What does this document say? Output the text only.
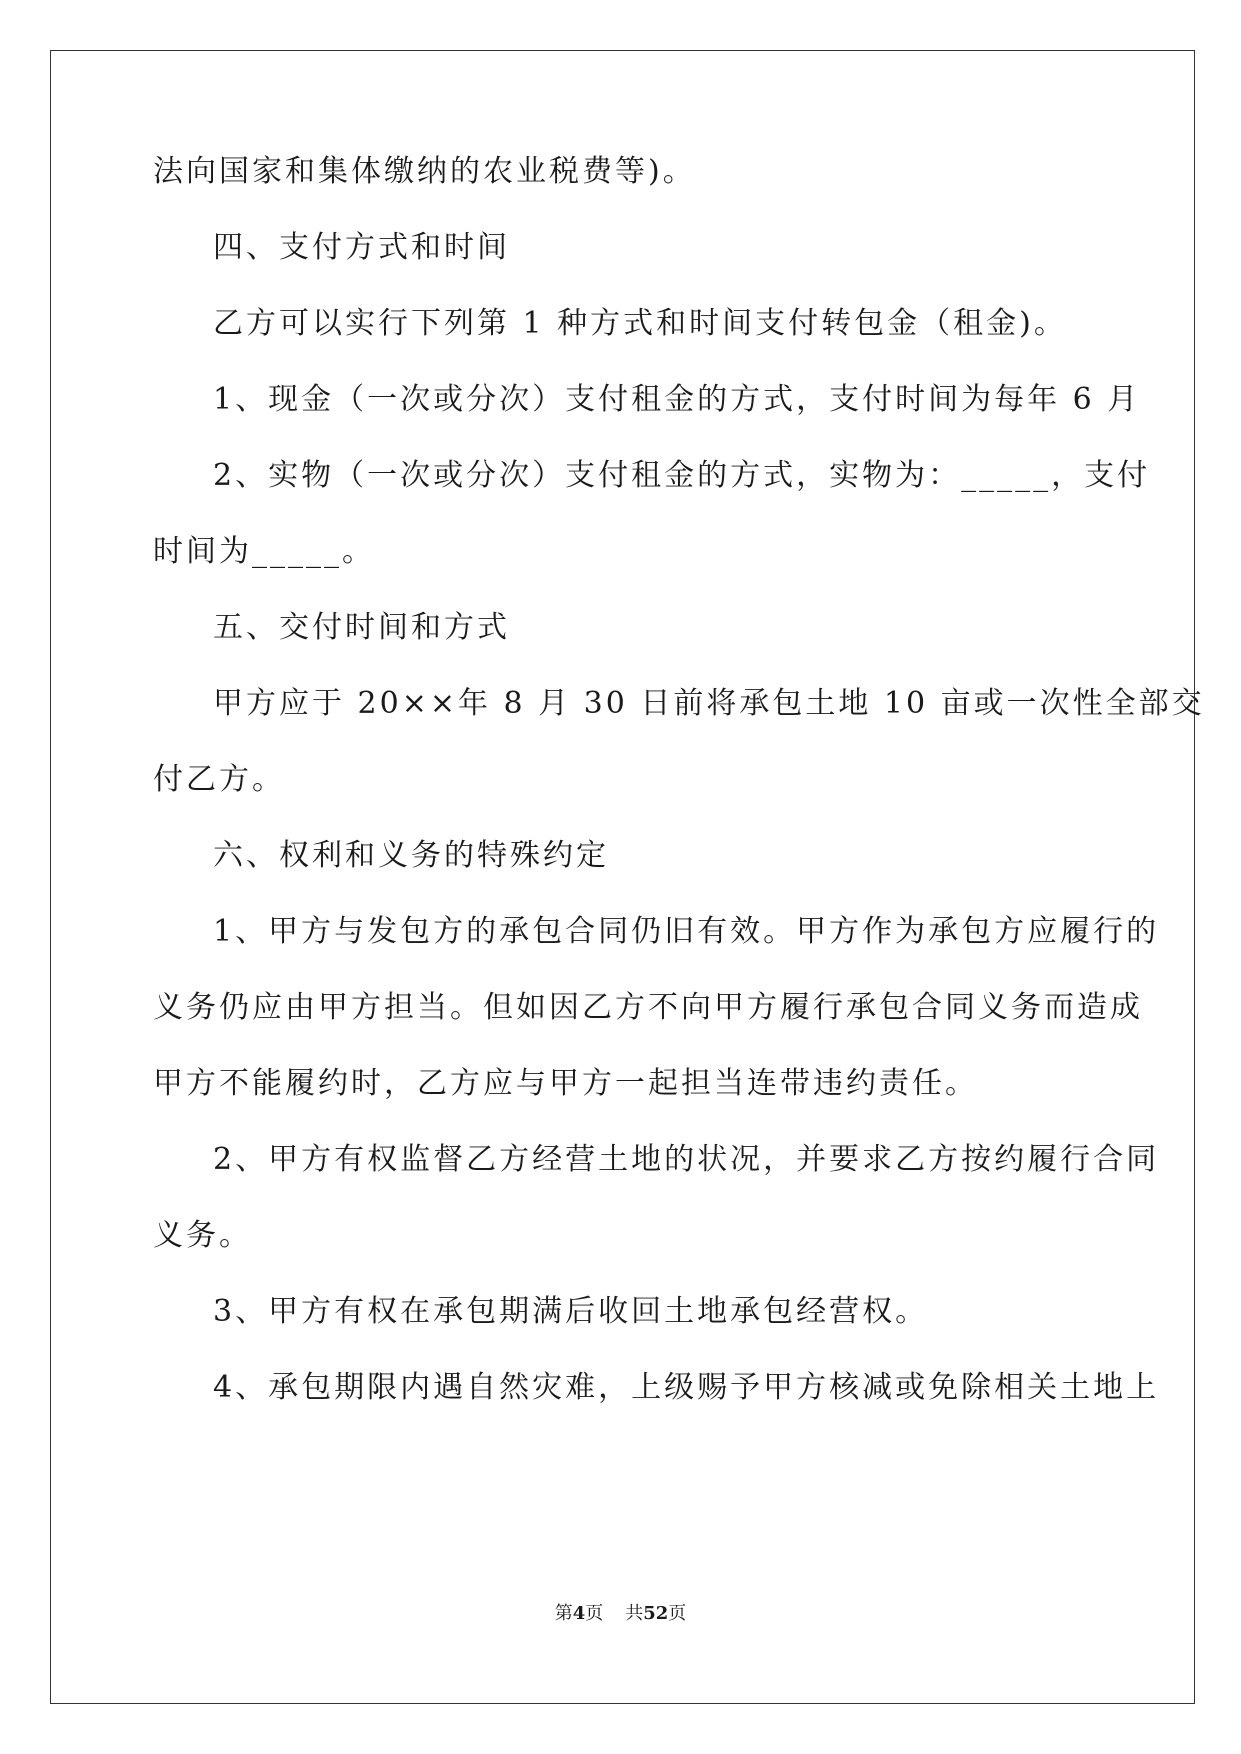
法向国家和集体缴纳的农业税费等)。
四、支付方式和时间
乙方可以实行下列第 1 种方式和时间支付转包金（租金)。
1、现金（一次或分次）支付租金的方式，支付时间为每年 6 月
2、实物（一次或分次）支付租金的方式，实物为：_____，支付
时间为_____。
五、交付时间和方式
甲方应于 20××年 8 月 30 日前将承包土地 10 亩或一次性全部交
付乙方。
六、权利和义务的特殊约定
1、甲方与发包方的承包合同仍旧有效。甲方作为承包方应履行的
义务仍应由甲方担当。但如因乙方不向甲方履行承包合同义务而造成
甲方不能履约时，乙方应与甲方一起担当连带违约责任。
2、甲方有权监督乙方经营土地的状况，并要求乙方按约履行合同
义务。
3、甲方有权在承包期满后收回土地承包经营权。
4、承包期限内遇自然灾难，上级赐予甲方核减或免除相关土地上
第4页 共52页
